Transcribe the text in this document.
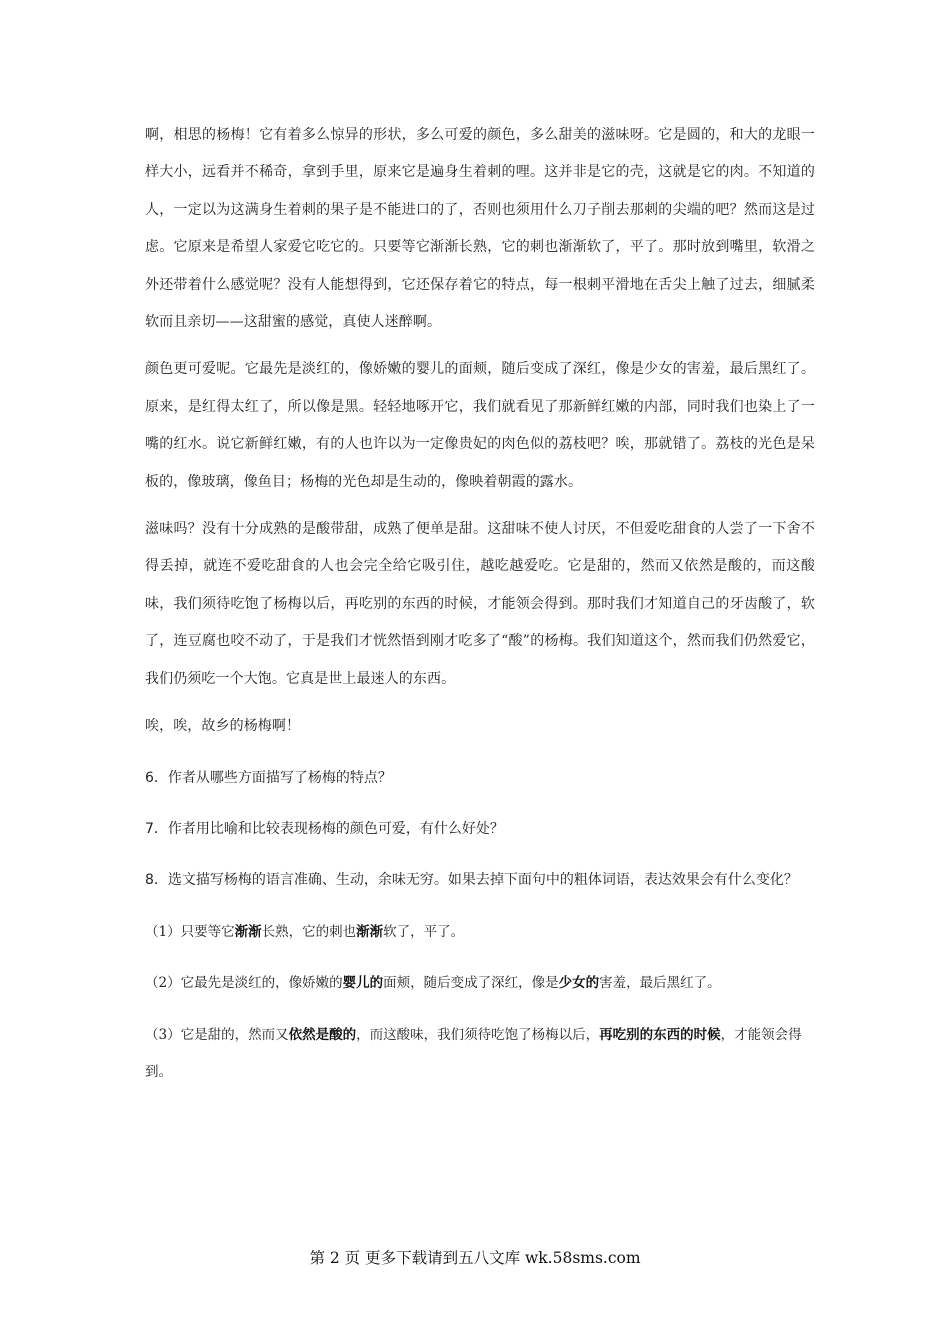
啊，相思的杨梅！它有着多么惊异的形状，多么可爱的颜色，多么甜美的滋味呀。它是圆的，和大的龙眼一样大小，远看并不稀奇，拿到手里，原来它是遍身生着刺的哩。这并非是它的壳，这就是它的肉。不知道的人，一定以为这满身生着刺的果子是不能进口的了，否则也须用什么刀子削去那刺的尖端的吧？然而这是过虑。它原来是希望人家爱它吃它的。只要等它渐渐长熟，它的刺也渐渐软了，平了。那时放到嘴里，软滑之外还带着什么感觉呢？没有人能想得到，它还保存着它的特点，每一根刺平滑地在舌尖上触了过去，细腻柔软而且亲切——这甜蜜的感觉，真使人迷醉啊。

颜色更可爱呢。它最先是淡红的，像娇嫩的婴儿的面颊，随后变成了深红，像是少女的害羞，最后黑红了。原来，是红得太红了，所以像是黑。轻轻地啄开它，我们就看见了那新鲜红嫩的内部，同时我们也染上了一嘴的红水。说它新鲜红嫩，有的人也许以为一定像贵妃的肉色似的荔枝吧？唉，那就错了。荔枝的光色是呆板的，像玻璃，像鱼目；杨梅的光色却是生动的，像映着朝霞的露水。

滋味吗？没有十分成熟的是酸带甜，成熟了便单是甜。这甜味不使人讨厌，不但爱吃甜食的人尝了一下舍不得丢掉，就连不爱吃甜食的人也会完全给它吸引住，越吃越爱吃。它是甜的，然而又依然是酸的，而这酸味，我们须待吃饱了杨梅以后，再吃别的东西的时候，才能领会得到。那时我们才知道自己的牙齿酸了，软了，连豆腐也咬不动了，于是我们才恍然悟到刚才吃多了“酸”的杨梅。我们知道这个，然而我们仍然爱它，我们仍须吃一个大饱。它真是世上最迷人的东西。

唉，唉，故乡的杨梅啊！

6．作者从哪些方面描写了杨梅的特点？

7．作者用比喻和比较表现杨梅的颜色可爱，有什么好处？

8．选文描写杨梅的语言准确、生动，余味无穷。如果去掉下面句中的粗体词语，表达效果会有什么变化？

（1）只要等它渐渐长熟，它的刺也渐渐软了，平了。

（2）它最先是淡红的，像娇嫩的婴儿的面颊，随后变成了深红，像是少女的害羞，最后黑红了。

（3）它是甜的，然而又依然是酸的，而这酸味，我们须待吃饱了杨梅以后，再吃别的东西的时候，才能领会得到。

第 2 页 更多下载请到五八文库 wk.58sms.com
